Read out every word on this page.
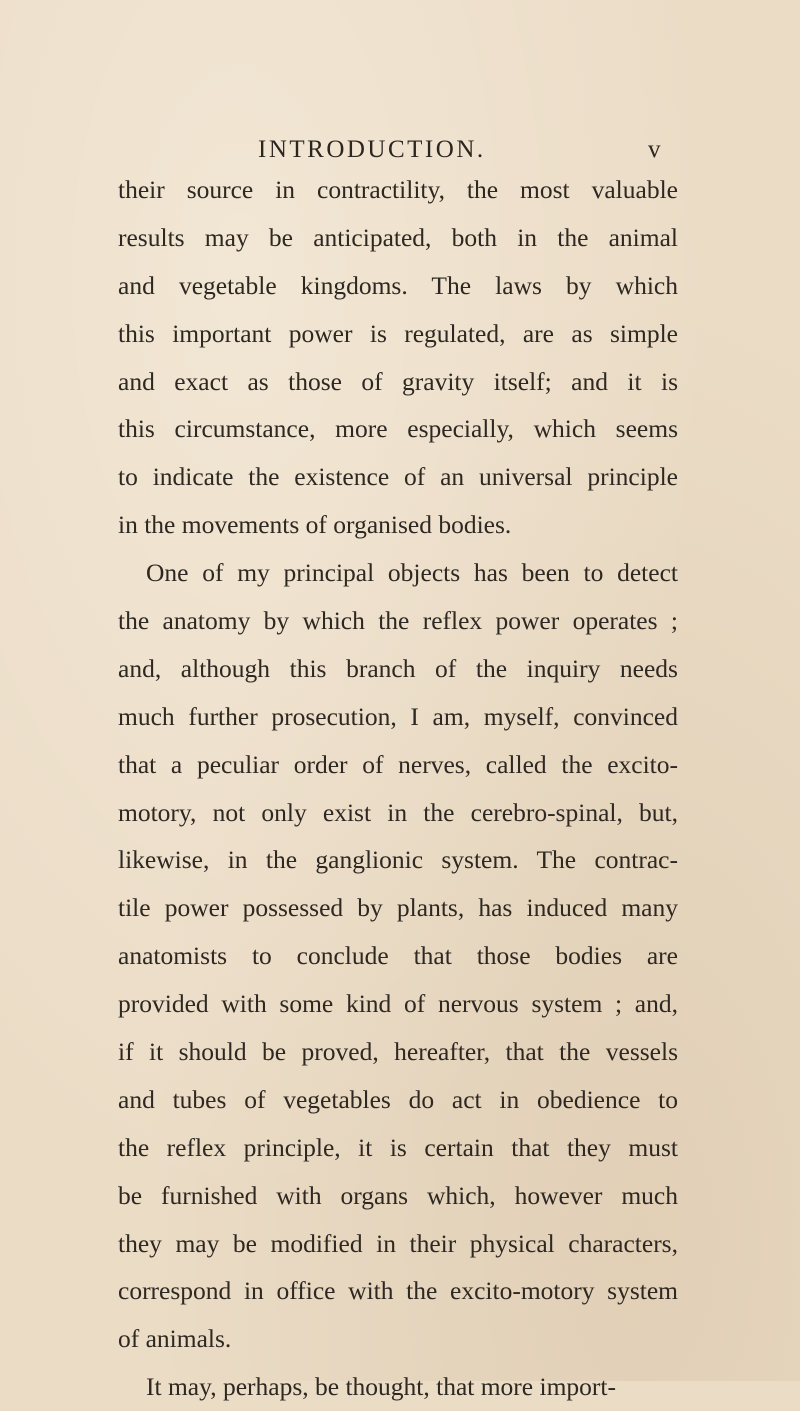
INTRODUCTION.	v
their source in contractility, the most valuable
results may be anticipated, both in the animal
and vegetable kingdoms. The laws by which
this important power is regulated, are as simple
and exact as those of gravity itself; and it is
this circumstance, more especially, which seems
to indicate the existence of an universal principle
in the movements of organised bodies.
One of my principal objects has been to detect
the anatomy by which the reflex power operates ;
and, although this branch of the inquiry needs
much further prosecution, I am, myself, convinced
that a peculiar order of nerves, called the excito-
motory, not only exist in the cerebro-spinal, but,
likewise, in the ganglionic system. The contrac-
tile power possessed by plants, has induced many
anatomists to conclude that those bodies are
provided with some kind of nervous system ; and,
if it should be proved, hereafter, that the vessels
and tubes of vegetables do act in obedience to
the reflex principle, it is certain that they must
be furnished with organs which, however much
they may be modified in their physical characters,
correspond in office with the excito-motory system
of animals.
It may, perhaps, be thought, that more import-
